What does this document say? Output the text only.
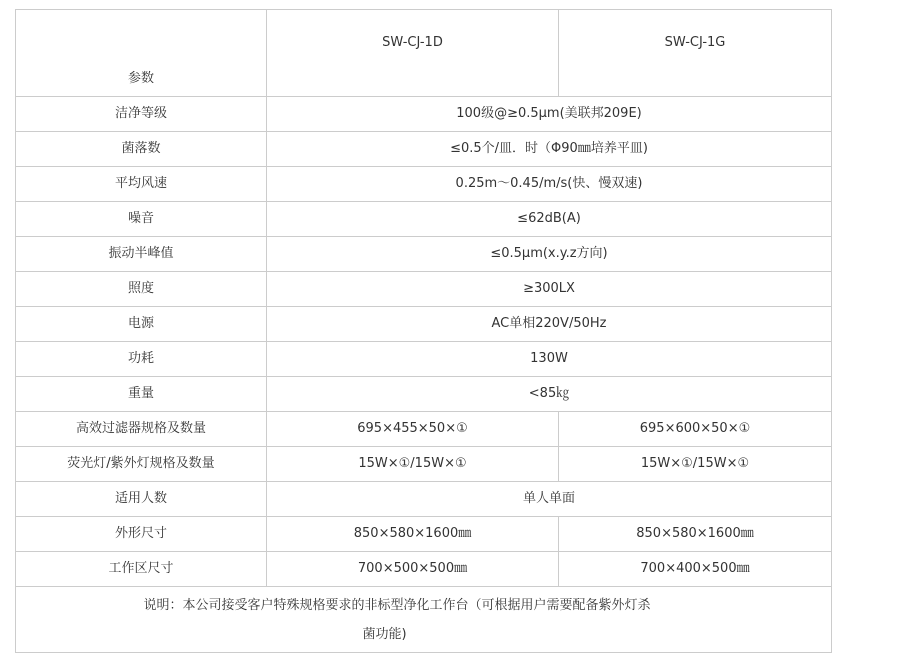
参数	SW-CJ-1D	SW-CJ-1G
洁净等级	100级@≥0.5μm(美联邦209E)	
菌落数	≤0.5个/皿．时（Φ90㎜培养平皿)	
平均风速	0.25m～0.45/m/s(快、慢双速)	
噪音	≤62dB(A)	
振动半峰值	≤0.5μm(x.y.z方向)	
照度	≥300LX	
电源	AC单相220V/50Hz	
功耗	130W	
重量	<85㎏	
高效过滤器规格及数量	695×455×50×①	695×600×50×①
荧光灯/紫外灯规格及数量	15W×①/15W×①	15W×①/15W×①
适用人数	单人单面	
外形尺寸	850×580×1600㎜	850×580×1600㎜
工作区尺寸	700×500×500㎜	700×400×500㎜

说明：本公司接受客户特殊规格要求的非标型净化工作台（可根据用户需要配备紫外灯杀
菌功能)		
